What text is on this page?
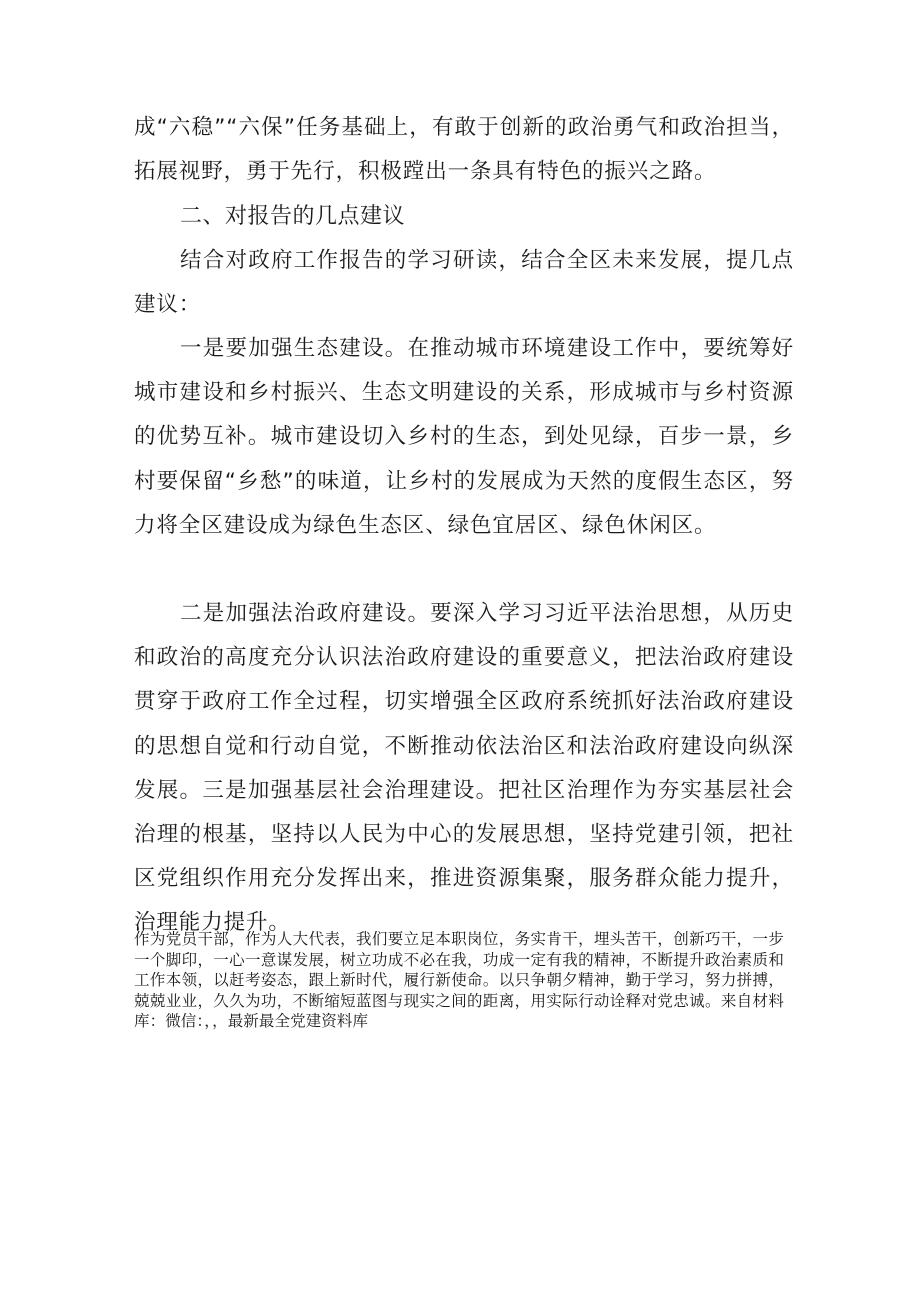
成“六稳”“六保”任务基础上，有敢于创新的政治勇气和政治担当，拓展视野，勇于先行，积极蹚出一条具有特色的振兴之路。

二、对报告的几点建议

结合对政府工作报告的学习研读，结合全区未来发展，提几点建议：

一是要加强生态建设。在推动城市环境建设工作中，要统筹好城市建设和乡村振兴、生态文明建设的关系，形成城市与乡村资源的优势互补。城市建设切入乡村的生态，到处见绿，百步一景，乡村要保留“乡愁”的味道，让乡村的发展成为天然的度假生态区，努力将全区建设成为绿色生态区、绿色宜居区、绿色休闲区。

二是加强法治政府建设。要深入学习习近平法治思想，从历史和政治的高度充分认识法治政府建设的重要意义，把法治政府建设贯穿于政府工作全过程，切实增强全区政府系统抓好法治政府建设的思想自觉和行动自觉，不断推动依法治区和法治政府建设向纵深发展。三是加强基层社会治理建设。把社区治理作为夯实基层社会治理的根基，坚持以人民为中心的发展思想，坚持党建引领，把社区党组织作用充分发挥出来，推进资源集聚，服务群众能力提升，治理能力提升。

作为党员干部，作为人大代表，我们要立足本职岗位，务实肯干，埋头苦干，创新巧干，一步一个脚印，一心一意谋发展，树立功成不必在我，功成一定有我的精神，不断提升政治素质和工作本领，以赶考姿态，跟上新时代，履行新使命。以只争朝夕精神，勤于学习，努力拼搏，兢兢业业，久久为功，不断缩短蓝图与现实之间的距离，用实际行动诠释对党忠诚。来自材料库：微信：，，最新最全党建资料库
